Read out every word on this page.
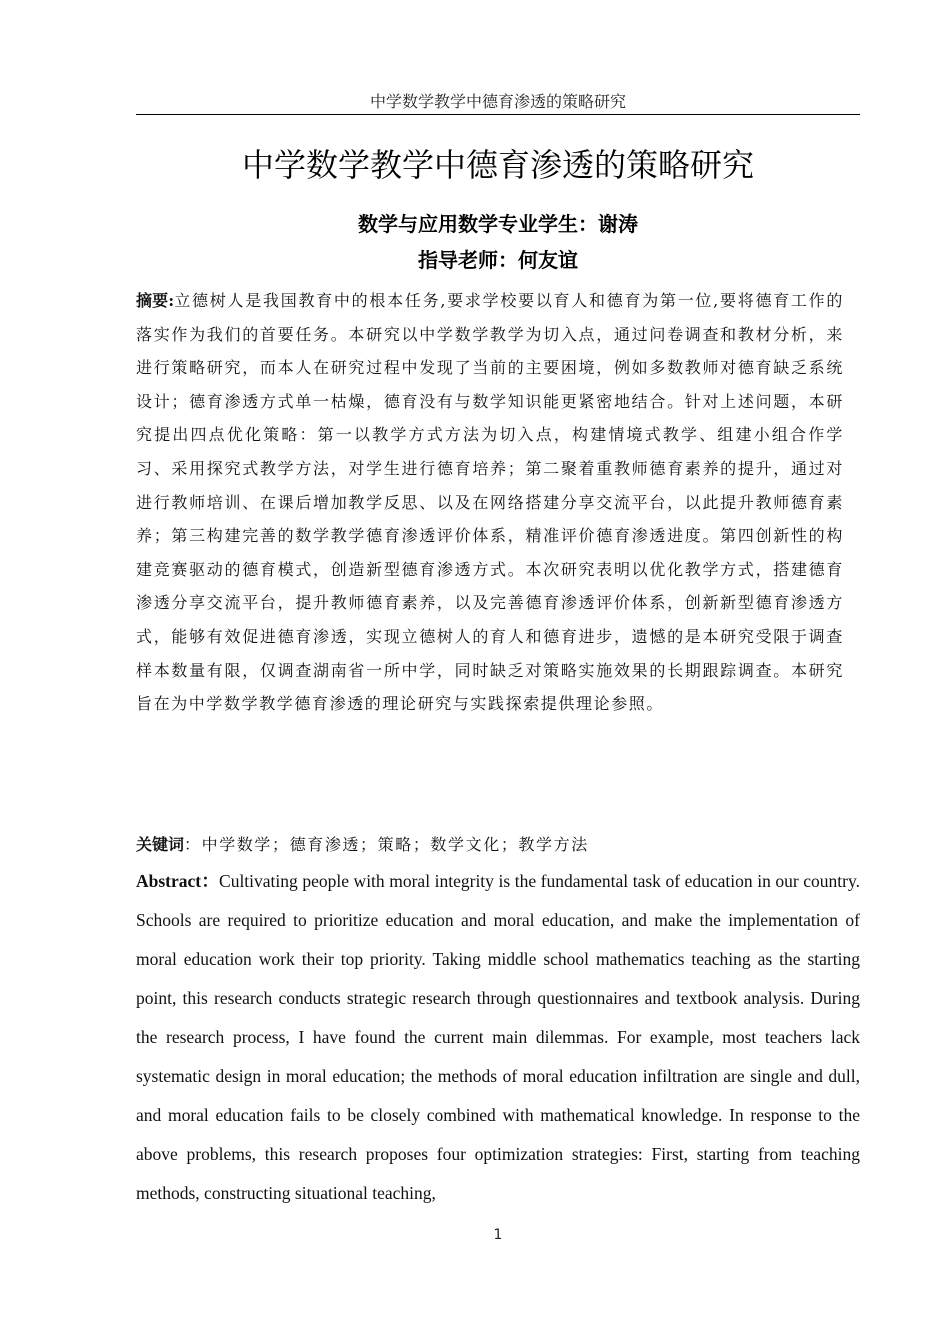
中学数学教学中德育渗透的策略研究
中学数学教学中德育渗透的策略研究
数学与应用数学专业学生：谢涛
指导老师：何友谊

摘要:立德树人是我国教育中的根本任务,要求学校要以育人和德育为第一位,要将德育工作的落实作为我们的首要任务。本研究以中学数学教学为切入点，通过问卷调查和教材分析，来进行策略研究，而本人在研究过程中发现了当前的主要困境，例如多数教师对德育缺乏系统设计；德育渗透方式单一枯燥，德育没有与数学知识能更紧密地结合。针对上述问题，本研究提出四点优化策略：第一以教学方式方法为切入点，构建情境式教学、组建小组合作学习、采用探究式教学方法，对学生进行德育培养；第二聚着重教师德育素养的提升，通过对进行教师培训、在课后增加教学反思、以及在网络搭建分享交流平台，以此提升教师德育素养；第三构建完善的数学教学德育渗透评价体系，精准评价德育渗透进度。第四创新性的构建竞赛驱动的德育模式，创造新型德育渗透方式。本次研究表明以优化教学方式，搭建德育渗透分享交流平台，提升教师德育素养，以及完善德育渗透评价体系，创新新型德育渗透方式，能够有效促进德育渗透，实现立德树人的育人和德育进步，遗憾的是本研究受限于调查样本数量有限，仅调查湖南省一所中学，同时缺乏对策略实施效果的长期跟踪调查。本研究旨在为中学数学教学德育渗透的理论研究与实践探索提供理论参照。

关键词：中学数学；德育渗透；策略；数学文化；教学方法

Abstract：Cultivating people with moral integrity is the fundamental task of education in our country. Schools are required to prioritize education and moral education, and make the implementation of moral education work their top priority. Taking middle school mathematics teaching as the starting point, this research conducts strategic research through questionnaires and textbook analysis. During the research process, I have found the current main dilemmas. For example, most teachers lack systematic design in moral education; the methods of moral education infiltration are single and dull, and moral education fails to be closely combined with mathematical knowledge. In response to the above problems, this research proposes four optimization strategies: First, starting from teaching methods, constructing situational teaching,

1
